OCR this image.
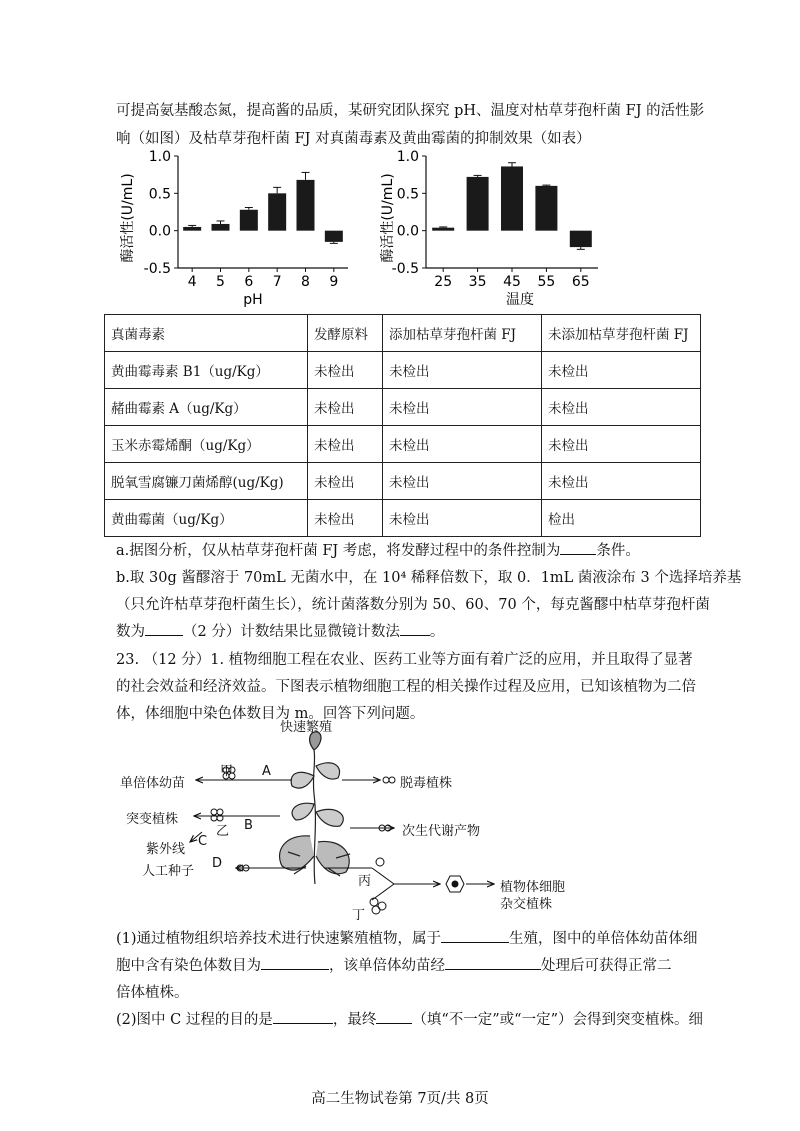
可提高氨基酸态氮，提高酱的品质，某研究团队探究 pH、温度对枯草芽孢杆菌 FJ 的活性影
响（如图）及枯草芽孢杆菌 FJ 对真菌毒素及黄曲霉菌的抑制效果（如表）
1.0
0.5
0.0
-0.5
4 5 6 7 8 9
酶活性(U/mL)
pH
1.0
0.5
0.0
-0.5
25 35 45 55 65
酶活性(U/mL)
温度
真菌毒素	发酵原料	添加枯草芽孢杆菌 FJ	未添加枯草芽孢杆菌 FJ
黄曲霉毒素 B1（ug/Kg）	未检出	未检出	未检出
赭曲霉素 A（ug/Kg）	未检出	未检出	未检出
玉米赤霉烯酮（ug/Kg）	未检出	未检出	未检出
脱氧雪腐镰刀菌烯醇(ug/Kg)	未检出	未检出	未检出
黄曲霉菌（ug/Kg）	未检出	未检出	检出
a.据图分析，仅从枯草芽孢杆菌 FJ 考虑，将发酵过程中的条件控制为 条件。
b.取 30g 酱醪溶于 70mL 无菌水中，在 10⁴ 稀释倍数下，取 0．1mL 菌液涂布 3 个选择培养基
（只允许枯草芽孢杆菌生长），统计菌落数分别为 50、60、70 个，每克酱醪中枯草芽孢杆菌
数为	（2 分）计数结果比显微镜计数法 。
23. （12 分）1. 植物细胞工程在农业、医药工业等方面有着广泛的应用，并且取得了显著
的社会效益和经济效益。下图表示植物细胞工程的相关操作过程及应用，已知该植物为二倍
体，体细胞中染色体数目为 m。回答下列问题。
快速繁殖
单倍体幼苗
甲 A
脱毒植株
突变植株
乙 B
紫外线
C
次生代谢产物
人工种子
D
丙
丁
植物体细胞
杂交植株
(1)通过植物组织培养技术进行快速繁殖植物，属于	生殖，图中的单倍体幼苗体细
胞中含有染色体数目为	，该单倍体幼苗经	处理后可获得正常二
倍体植株。
(2)图中 C 过程的目的是	，最终 （填“不一定”或“一定”）会得到突变植株。细
高二生物试卷第 7页/共 8页
